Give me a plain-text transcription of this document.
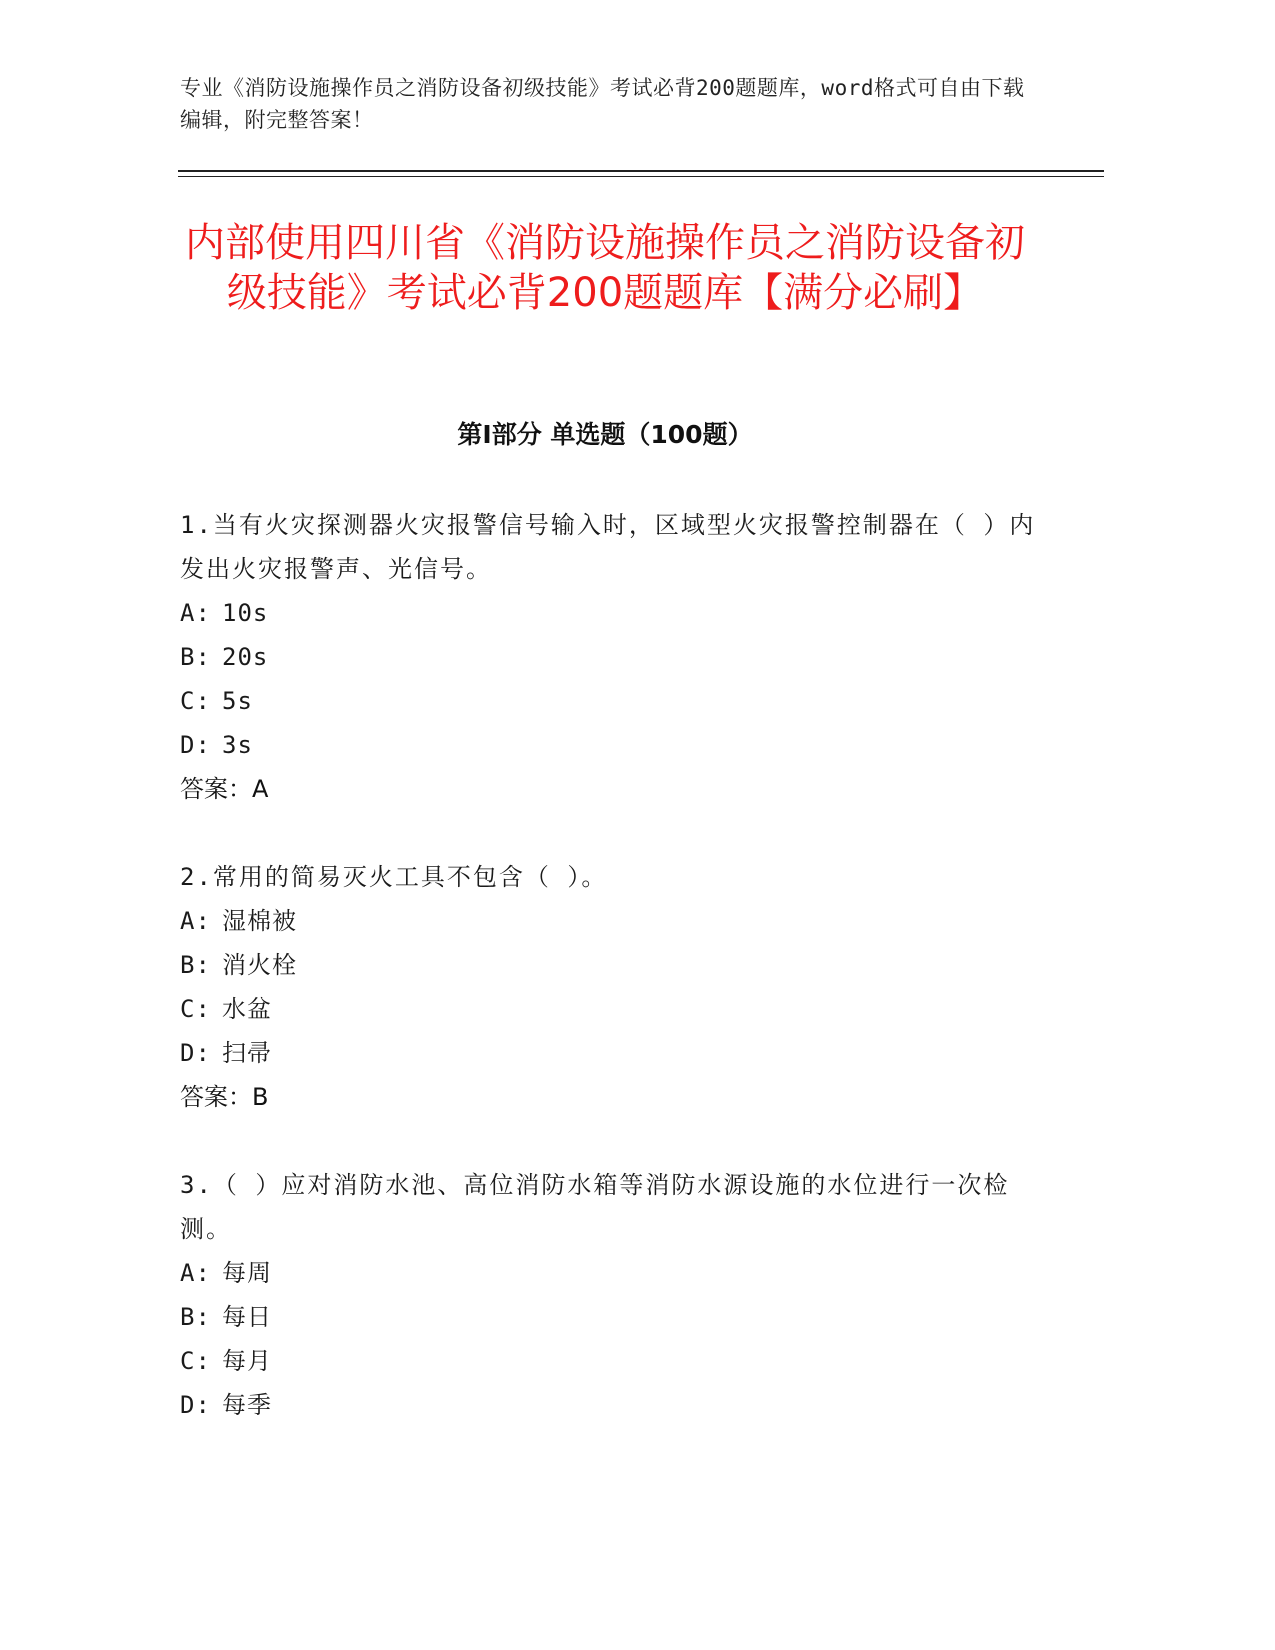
专业《消防设施操作员之消防设备初级技能》考试必背200题题库，word格式可自由下载编辑，附完整答案！
内部使用四川省《消防设施操作员之消防设备初级技能》考试必背200题题库【满分必刷】
第I部分 单选题（100题）

1.当有火灾探测器火灾报警信号输入时，区域型火灾报警控制器在（ ）内发出火灾报警声、光信号。

A: 10s

B: 20s

C: 5s

D: 3s

答案：A

2.常用的简易灭火工具不包含（ ）。

A: 湿棉被

B: 消火栓

C: 水盆

D: 扫帚

答案：B

3.（ ）应对消防水池、高位消防水箱等消防水源设施的水位进行一次检测。

A: 每周

B: 每日

C: 每月

D: 每季
